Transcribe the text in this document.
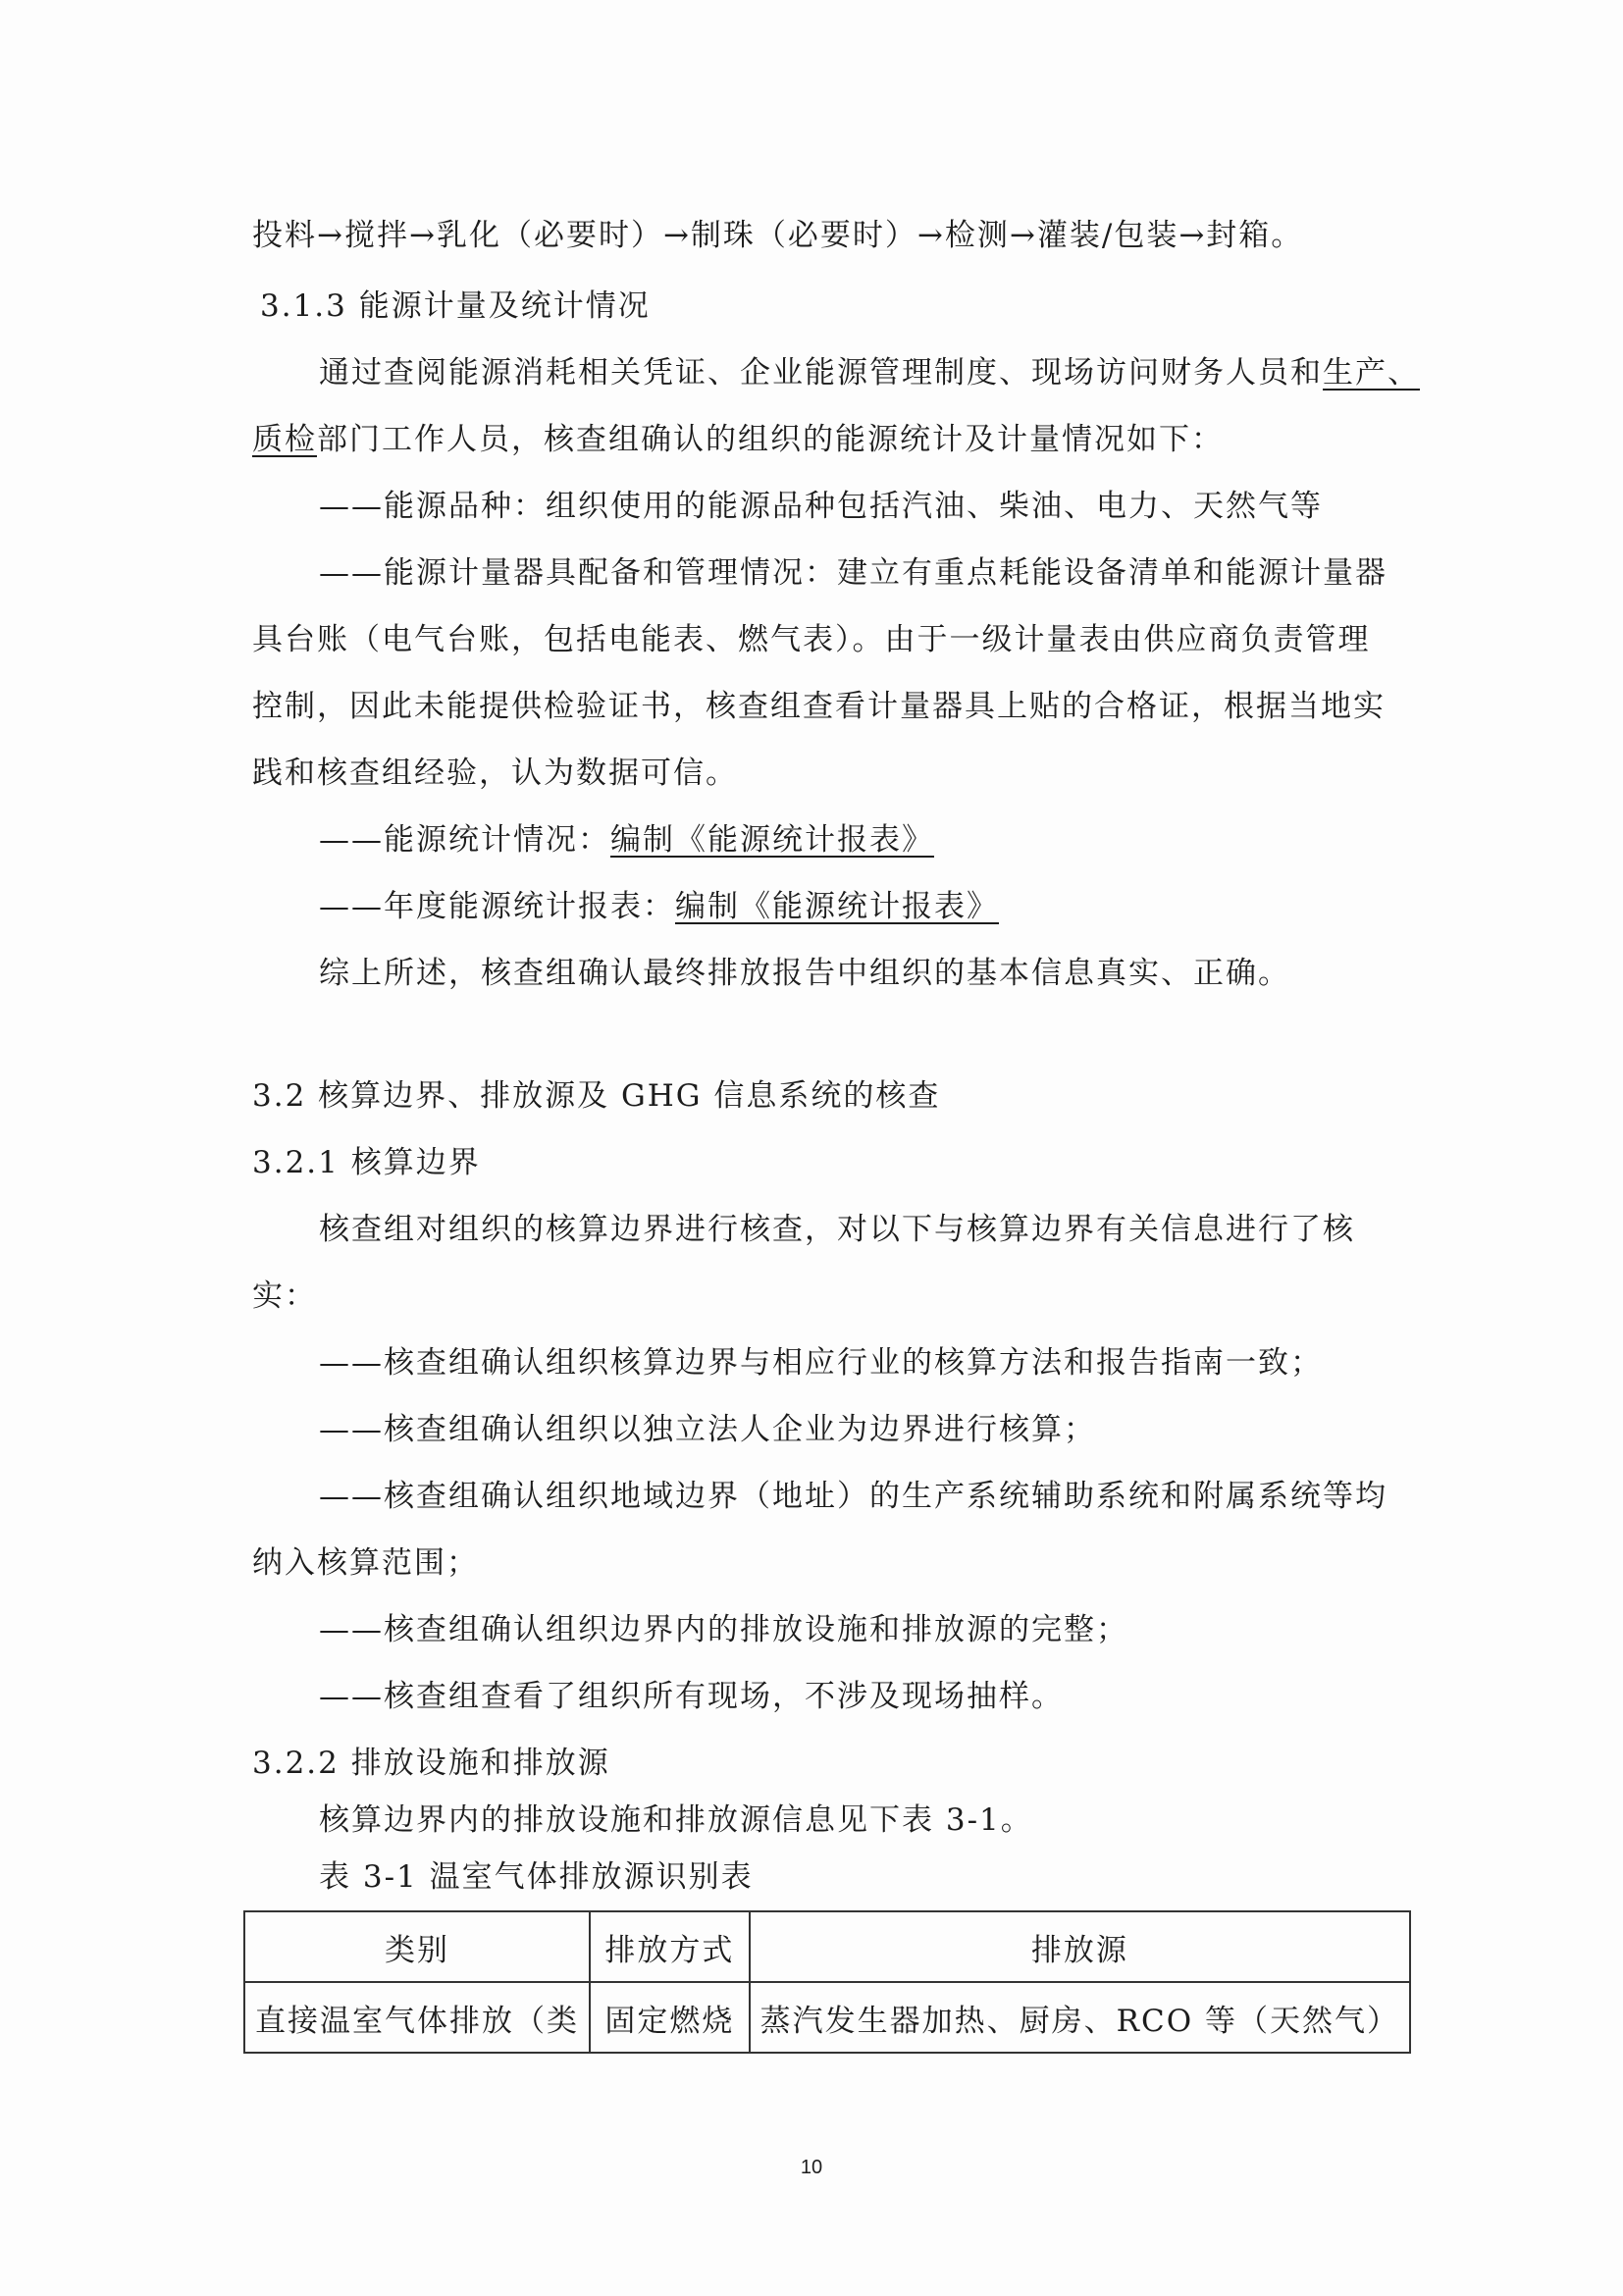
投料→搅拌→乳化（必要时）→制珠（必要时）→检测→灌装/包装→封箱。
3.1.3 能源计量及统计情况
通过查阅能源消耗相关凭证、企业能源管理制度、现场访问财务人员和生产、
质检部门工作人员，核查组确认的组织的能源统计及计量情况如下：
——能源品种：组织使用的能源品种包括汽油、柴油、电力、天然气等
——能源计量器具配备和管理情况：建立有重点耗能设备清单和能源计量器
具台账（电气台账，包括电能表、燃气表）。由于一级计量表由供应商负责管理
控制，因此未能提供检验证书，核查组查看计量器具上贴的合格证，根据当地实
践和核查组经验，认为数据可信。
——能源统计情况：编制《能源统计报表》
——年度能源统计报表：编制《能源统计报表》
综上所述，核查组确认最终排放报告中组织的基本信息真实、正确。
3.2 核算边界、排放源及 GHG 信息系统的核查
3.2.1 核算边界
核查组对组织的核算边界进行核查，对以下与核算边界有关信息进行了核
实：
——核查组确认组织核算边界与相应行业的核算方法和报告指南一致；
——核查组确认组织以独立法人企业为边界进行核算；
——核查组确认组织地域边界（地址）的生产系统辅助系统和附属系统等均
纳入核算范围；
——核查组确认组织边界内的排放设施和排放源的完整；
——核查组查看了组织所有现场，不涉及现场抽样。
3.2.2 排放设施和排放源
核算边界内的排放设施和排放源信息见下表 3-1。
表 3-1 温室气体排放源识别表
类别	排放方式	排放源
直接温室气体排放（类	固定燃烧	蒸汽发生器加热、厨房、RCO 等（天然气）
10
